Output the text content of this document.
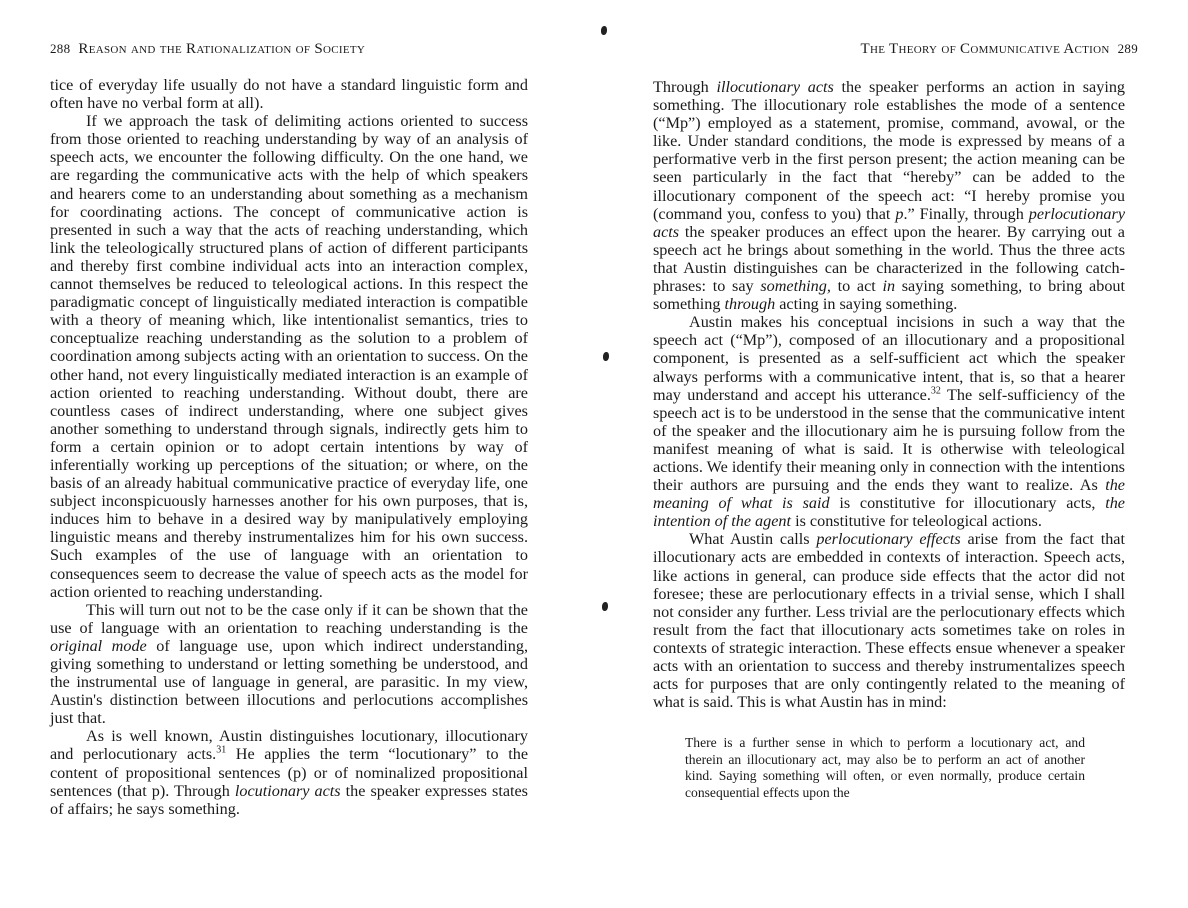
288 Reason and the Rationalization of Society

tice of everyday life usually do not have a standard linguistic form and often have no verbal form at all).

If we approach the task of delimiting actions oriented to success from those oriented to reaching understanding by way of an analysis of speech acts, we encounter the following difficulty. On the one hand, we are regarding the communicative acts with the help of which speakers and hearers come to an understanding about something as a mechanism for coordinating actions. The concept of communicative action is presented in such a way that the acts of reaching understanding, which link the teleologically structured plans of action of different participants and thereby first combine individual acts into an interaction complex, cannot themselves be reduced to teleological actions. In this respect the paradigmatic concept of linguistically mediated interaction is compatible with a theory of meaning which, like intentionalist semantics, tries to conceptualize reaching understanding as the solution to a problem of coordination among subjects acting with an orientation to success. On the other hand, not every linguistically mediated interaction is an example of action oriented to reaching understanding. Without doubt, there are countless cases of indirect understanding, where one subject gives another something to understand through signals, indirectly gets him to form a certain opinion or to adopt certain intentions by way of inferentially working up perceptions of the situation; or where, on the basis of an already habitual communicative practice of everyday life, one subject inconspicuously harnesses another for his own purposes, that is, induces him to behave in a desired way by manipulatively employing linguistic means and thereby instrumentalizes him for his own success. Such examples of the use of language with an orientation to consequences seem to decrease the value of speech acts as the model for action oriented to reaching understanding.

This will turn out not to be the case only if it can be shown that the use of language with an orientation to reaching understanding is the original mode of language use, upon which indirect understanding, giving something to understand or letting something be understood, and the instrumental use of language in general, are parasitic. In my view, Austin's distinction between illocutions and perlocutions accomplishes just that.

As is well known, Austin distinguishes locutionary, illocutionary and perlocutionary acts.$^{31}$ He applies the term “locutionary” to the content of propositional sentences (p) or of nominalized propositional sentences (that p). Through locutionary acts the speaker expresses states of affairs; he says something.

The Theory of Communicative Action 289

Through illocutionary acts the speaker performs an action in saying something. The illocutionary role establishes the mode of a sentence (“Mp”) employed as a statement, promise, command, avowal, or the like. Under standard conditions, the mode is expressed by means of a performative verb in the first person present; the action meaning can be seen particularly in the fact that “hereby” can be added to the illocutionary component of the speech act: “I hereby promise you (command you, confess to you) that p.” Finally, through perlocutionary acts the speaker produces an effect upon the hearer. By carrying out a speech act he brings about something in the world. Thus the three acts that Austin distinguishes can be characterized in the following catch-phrases: to say something, to act in saying something, to bring about something through acting in saying something.

Austin makes his conceptual incisions in such a way that the speech act (“Mp”), composed of an illocutionary and a propositional component, is presented as a self-sufficient act which the speaker always performs with a communicative intent, that is, so that a hearer may understand and accept his utterance.$^{32}$ The self-sufficiency of the speech act is to be understood in the sense that the communicative intent of the speaker and the illocutionary aim he is pursuing follow from the manifest meaning of what is said. It is otherwise with teleological actions. We identify their meaning only in connection with the intentions their authors are pursuing and the ends they want to realize. As the meaning of what is said is constitutive for illocutionary acts, the intention of the agent is constitutive for teleological actions.

What Austin calls perlocutionary effects arise from the fact that illocutionary acts are embedded in contexts of interaction. Speech acts, like actions in general, can produce side effects that the actor did not foresee; these are perlocutionary effects in a trivial sense, which I shall not consider any further. Less trivial are the perlocutionary effects which result from the fact that illocutionary acts sometimes take on roles in contexts of strategic interaction. These effects ensue whenever a speaker acts with an orientation to success and thereby instrumentalizes speech acts for purposes that are only contingently related to the meaning of what is said. This is what Austin has in mind:

There is a further sense in which to perform a locutionary act, and therein an illocutionary act, may also be to perform an act of another kind. Saying something will often, or even normally, produce certain consequential effects upon the
